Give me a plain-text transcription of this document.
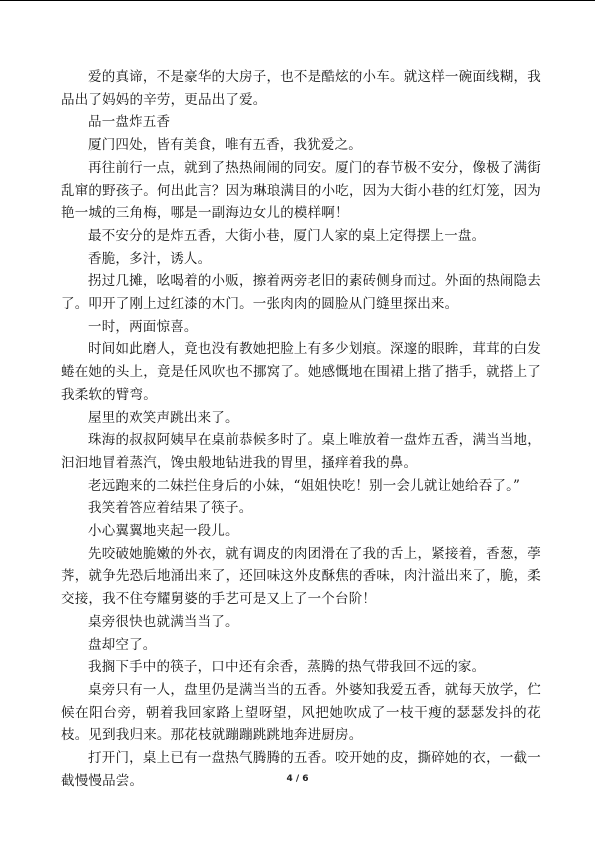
爱的真谛，不是豪华的大房子，也不是酷炫的小车。就这样一碗面线糊，我品出了妈妈的辛劳，更品出了爱。

品一盘炸五香

厦门四处，皆有美食，唯有五香，我犹爱之。

再往前行一点，就到了热热闹闹的同安。厦门的春节极不安分，像极了满街乱窜的野孩子。何出此言？因为琳琅满目的小吃，因为大街小巷的红灯笼，因为艳一城的三角梅，哪是一副海边女儿的模样啊！

最不安分的是炸五香，大街小巷，厦门人家的桌上定得摆上一盘。

香脆，多汁，诱人。

拐过几摊，吆喝着的小贩，擦着两旁老旧的素砖侧身而过。外面的热闹隐去了。叩开了刚上过红漆的木门。一张肉肉的圆脸从门缝里探出来。

一时，两面惊喜。

时间如此磨人，竟也没有教她把脸上有多少划痕。深邃的眼眸，茸茸的白发蜷在她的头上，竟是任风吹也不挪窝了。她感慨地在围裙上揩了揩手，就搭上了我柔软的臂弯。

屋里的欢笑声跳出来了。

珠海的叔叔阿姨早在桌前恭候多时了。桌上唯放着一盘炸五香，满当当地，汩汩地冒着蒸汽，馋虫般地钻进我的胃里，搔痒着我的鼻。

老远跑来的二妹拦住身后的小妹，“姐姐快吃！别一会儿就让她给吞了。”

我笑着答应着结果了筷子。

小心翼翼地夹起一段儿。

先咬破她脆嫩的外衣，就有调皮的肉团滑在了我的舌上，紧接着，香葱，荸荠，就争先恐后地涌出来了，还回味这外皮酥焦的香味，肉汁溢出来了，脆，柔交接，我不住夸耀舅婆的手艺可是又上了一个台阶！

桌旁很快也就满当当了。

盘却空了。

我搁下手中的筷子，口中还有余香，蒸腾的热气带我回不远的家。

桌旁只有一人，盘里仍是满当当的五香。外婆知我爱五香，就每天放学，伫候在阳台旁，朝着我回家路上望呀望，风把她吹成了一枝干瘦的瑟瑟发抖的花枝。见到我归来。那花枝就蹦蹦跳跳地奔进厨房。

打开门，桌上已有一盘热气腾腾的五香。咬开她的皮，撕碎她的衣，一截一截慢慢品尝。	4 / 6
